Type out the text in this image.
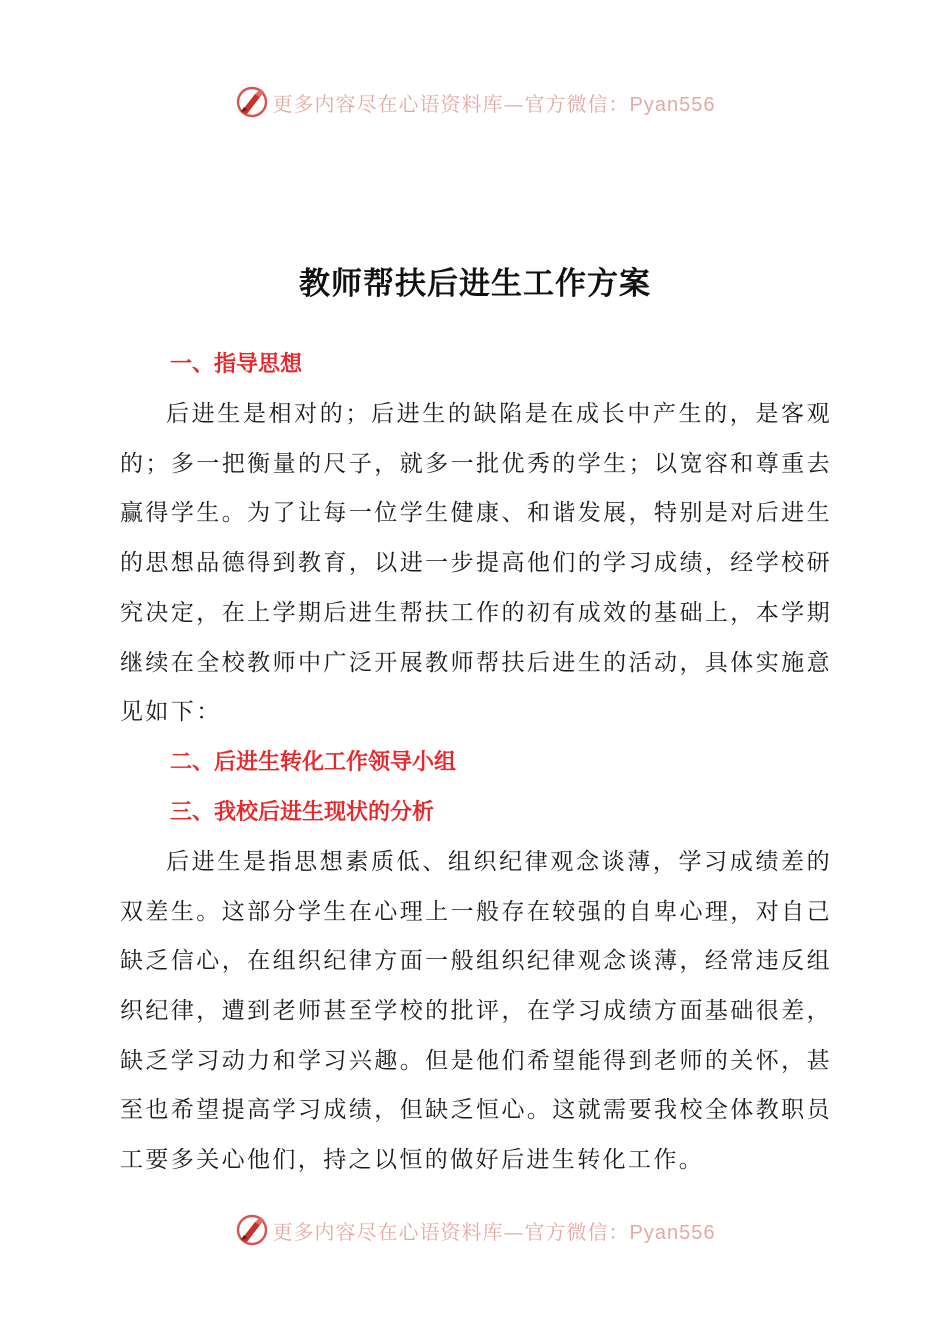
更多内容尽在心语资料库—官方微信：Pyan556
教师帮扶后进生工作方案
一、指导思想

后进生是相对的；后进生的缺陷是在成长中产生的，是客观的；多一把衡量的尺子，就多一批优秀的学生；以宽容和尊重去赢得学生。为了让每一位学生健康、和谐发展，特别是对后进生的思想品德得到教育，以进一步提高他们的学习成绩，经学校研究决定，在上学期后进生帮扶工作的初有成效的基础上，本学期继续在全校教师中广泛开展教师帮扶后进生的活动，具体实施意见如下：

二、后进生转化工作领导小组
三、我校后进生现状的分析

后进生是指思想素质低、组织纪律观念谈薄，学习成绩差的双差生。这部分学生在心理上一般存在较强的自卑心理，对自己缺乏信心，在组织纪律方面一般组织纪律观念谈薄，经常违反组织纪律，遭到老师甚至学校的批评，在学习成绩方面基础很差，缺乏学习动力和学习兴趣。但是他们希望能得到老师的关怀，甚至也希望提高学习成绩，但缺乏恒心。这就需要我校全体教职员工要多关心他们，持之以恒的做好后进生转化工作。

更多内容尽在心语资料库—官方微信：Pyan556
